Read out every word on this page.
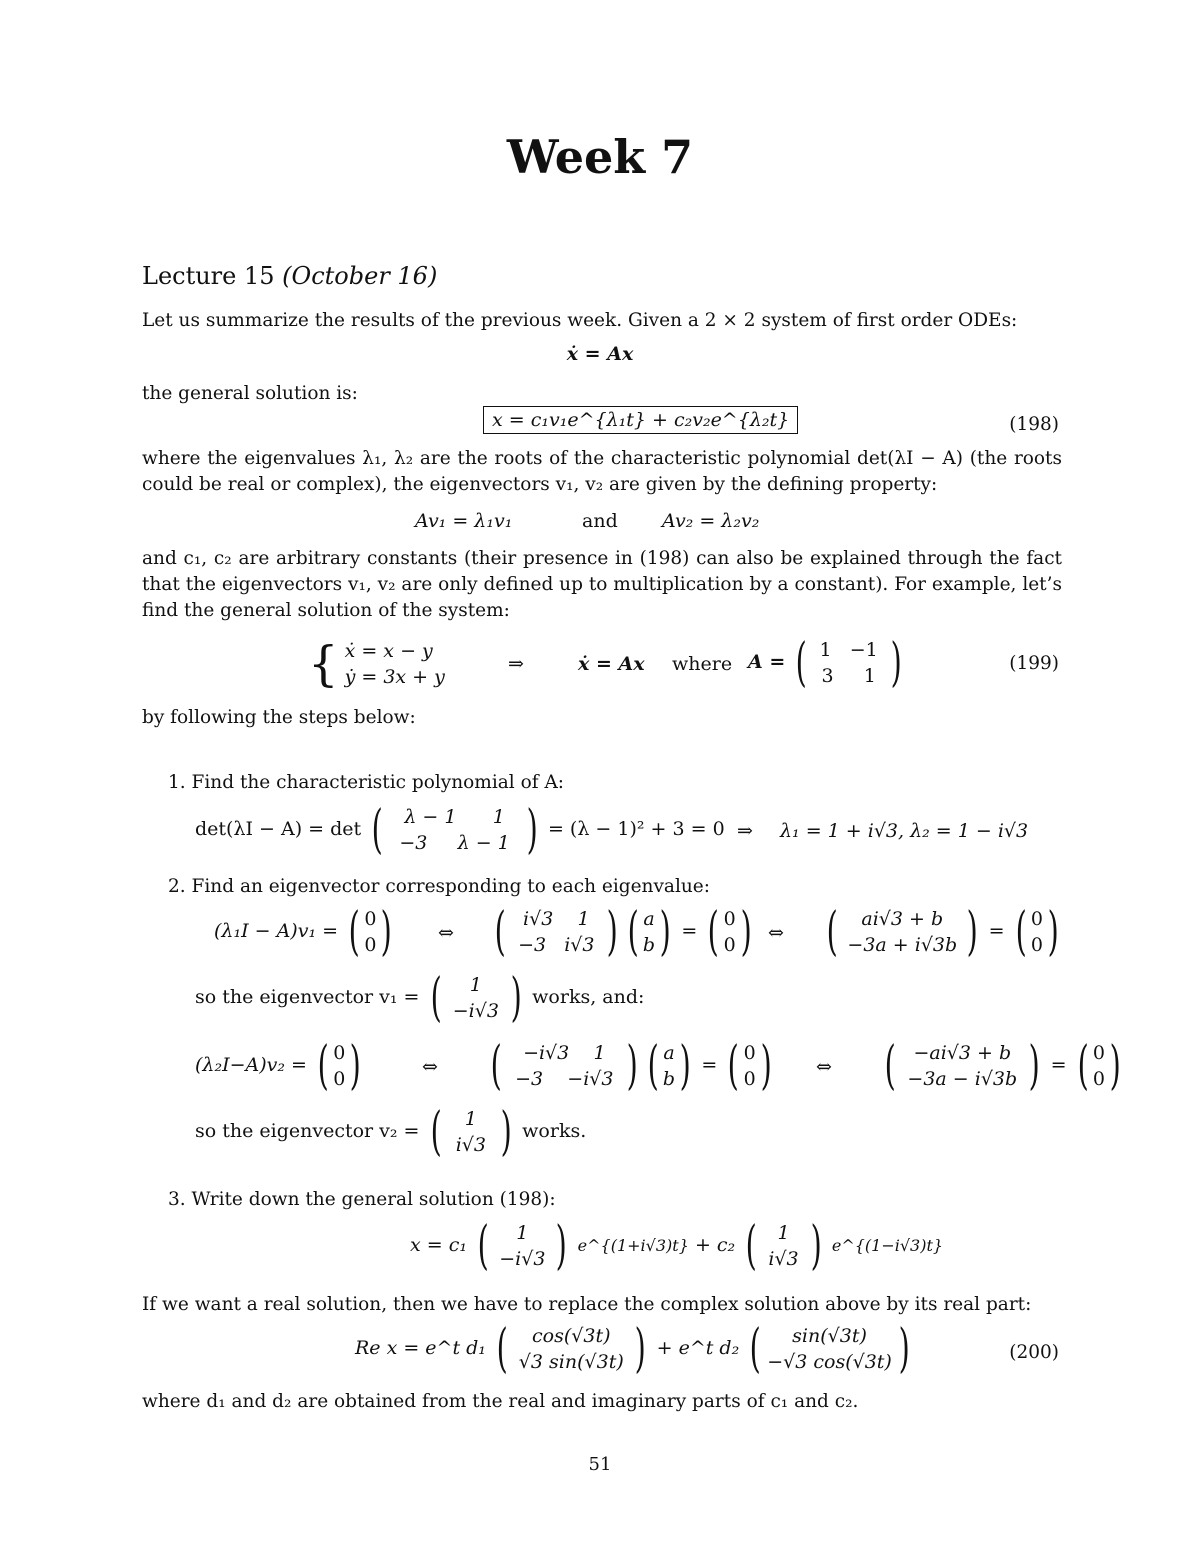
Week 7
Lecture 15 (October 16)
Let us summarize the results of the previous week. Given a 2 × 2 system of first order ODEs:
ẋ = Ax
the general solution is:
x = c₁v₁e^{λ₁t} + c₂v₂e^{λ₂t}	(198)
where the eigenvalues λ₁, λ₂ are the roots of the characteristic polynomial det(λI − A) (the roots could be real or complex), the eigenvectors v₁, v₂ are given by the defining property:
Av₁ = λ₁v₁	and Av₂ = λ₂v₂
and c₁, c₂ are arbitrary constants (their presence in (198) can also be explained through the fact that the eigenvectors v₁, v₂ are only defined up to multiplication by a constant). For example, let’s find the general solution of the system:
{ ẋ = x − y
ẏ = 3x + y
⇒	ẋ = Ax where A = ( 1 −1
3 1 )	(199)
by following the steps below:
1. Find the characteristic polynomial of A:
det(λI − A) = det ( λ − 1 1
−3 λ − 1 ) = (λ − 1)² + 3 = 0 ⇒ λ₁ = 1 + i√3, λ₂ = 1 − i√3
2. Find an eigenvector corresponding to each eigenvalue:
(λ₁I − A)v₁ = ( 0
0) ⇔ ( i√3 1
−3 i√3 ) ( a
b) = ( 0
0) ⇔ ( ai√3 + b
−3a + i√3b ) = ( 0
0)
so the eigenvector v₁ = ( 1
−i√3 ) works, and:
(λ₂I−A)v₂ = ( 0
0)	⇔ ( −i√3 1
−3 −i√3 ) ( a
b) = ( 0
0) ⇔ ( −ai√3 + b
−3a − i√3b ) = ( 0
0)
so the eigenvector v₂ = ( 1
i√3 ) works.
3. Write down the general solution (198):
x = c₁ ( 1
−i√3 ) e^{(1+i√3)t} + c₂ ( 1
i√3 ) e^{(1−i√3)t}
If we want a real solution, then we have to replace the complex solution above by its real part:
Re x = e^t d₁ ( cos(√3t)
√3 sin(√3t) ) + e^t d₂ ( sin(√3t)
−√3 cos(√3t) )	(200)
where d₁ and d₂ are obtained from the real and imaginary parts of c₁ and c₂.
51
